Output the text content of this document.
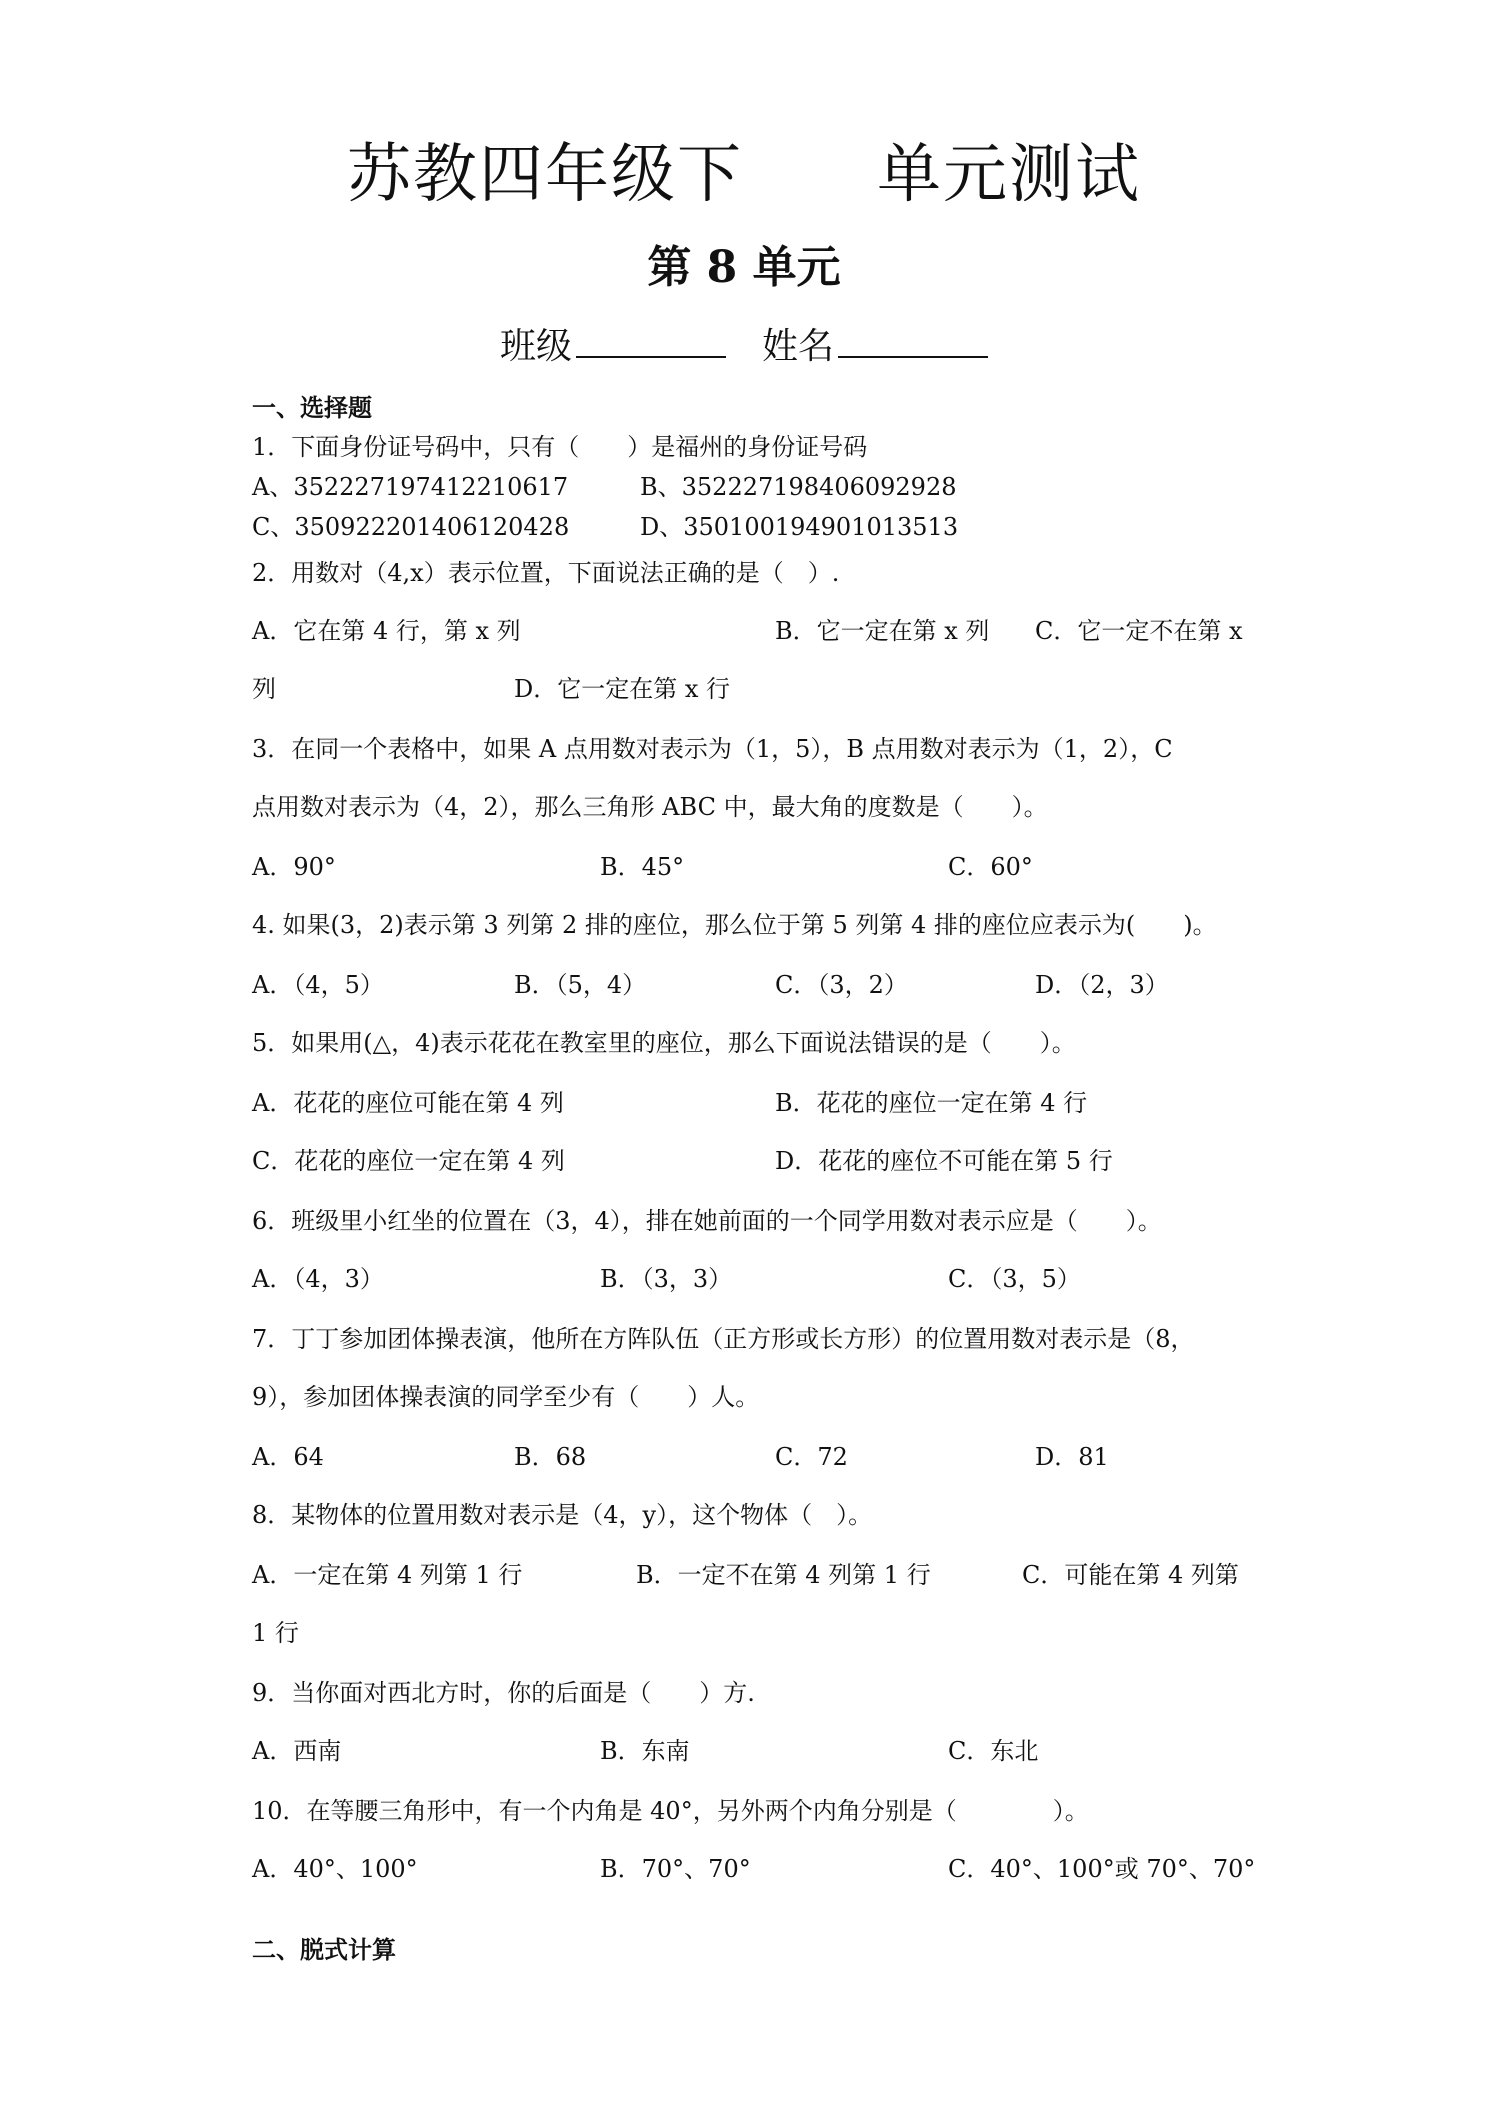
苏教四年级下      单元测试
第 8 单元
班级	姓名
一、选择题
1．下面身份证号码中，只有（　　）是福州的身份证号码
A、352227197412210617	B、352227198406092928
C、350922201406120428	D、350100194901013513
2．用数对（4,x）表示位置，下面说法正确的是（　）.
A．它在第 4 行，第 x 列	B．它一定在第 x 列 C．它一定不在第 x
列	D．它一定在第 x 行
3．在同一个表格中，如果 A 点用数对表示为（1，5），B 点用数对表示为（1，2），C
点用数对表示为（4，2），那么三角形 ABC 中，最大角的度数是（　　）。
A．90°	B．45°	C．60°
4. 如果(3，2)表示第 3 列第 2 排的座位，那么位于第 5 列第 4 排的座位应表示为(　　)。
A．（4，5）	B．（5，4）	C．（3，2）	D．（2，3）
5．如果用(△，4)表示花花在教室里的座位，那么下面说法错误的是（　　）。
A．花花的座位可能在第 4 列	B．花花的座位一定在第 4 行
C．花花的座位一定在第 4 列	D．花花的座位不可能在第 5 行
6．班级里小红坐的位置在（3，4），排在她前面的一个同学用数对表示应是（　　）。
A．（4，3）	B．（3，3）	C．（3，5）
7．丁丁参加团体操表演，他所在方阵队伍（正方形或长方形）的位置用数对表示是（8，
9），参加团体操表演的同学至少有（　　）人。
A．64	B．68	C．72	D．81
8．某物体的位置用数对表示是（4，y），这个物体（　）。
A．一定在第 4 列第 1 行	B．一定不在第 4 列第 1 行	C．可能在第 4 列第
1 行
9．当你面对西北方时，你的后面是（　　）方.
A．西南	B．东南	C．东北
10．在等腰三角形中，有一个内角是 40°，另外两个内角分别是（　　　　）。
A．40°、100°	B．70°、70°	C．40°、100°或 70°、70°
二、脱式计算
